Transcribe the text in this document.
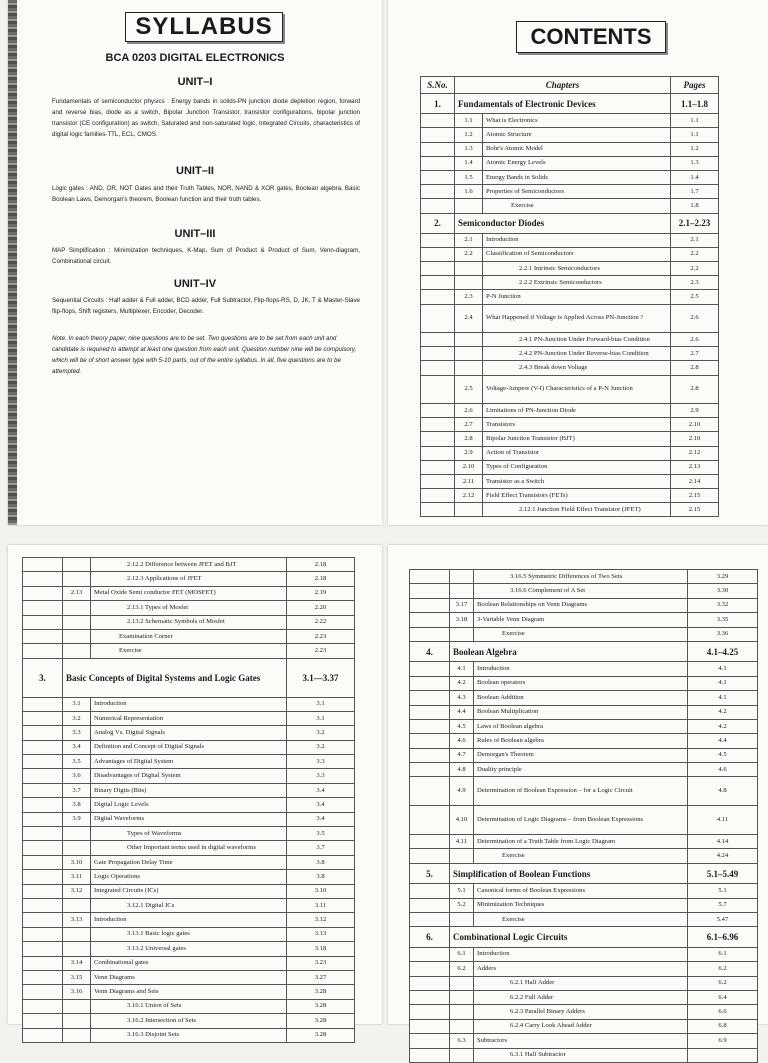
SYLLABUS
BCA 0203 DIGITAL ELECTRONICS
UNIT–I
Fundamentals of semiconductor physics : Energy bands in solids-PN junction diode depletion region, forward and reverse bias, diode as a switch, Bipolar Junction Transistor, transistor configurations, bipolar junction transistor (CE configuration) as switch, Saturated and non-saturated logic, Integrated Circuits, characteristics of digital logic families-TTL, ECL, CMOS.
UNIT–II
Logic gates : AND, OR, NOT Gates and their Truth Tables, NOR, NAND & XOR gates, Boolean algebra, Basic Boolean Laws, Demorgan's theorem, Boolean function and their truth tables.
UNIT–III
MAP Simplification : Minimization techniques, K-Map, Sum of Product & Product of Sum, Venn-diagram, Combinational circuit.
UNIT–IV
Sequential Circuits : Half adder & Full adder, BCD adder, Full Subtractor, Flip-flops-RS, D, JK, T & Master-Slave flip-flops, Shift registers, Multiplexer, Encoder, Decoder.
Note. In each theory paper, nine questions are to be set. Two questions are to be set from each unit and candidate is required to attempt at least one question from each unit. Question number nine will be compulsory, which will be of short answer type with 5-10 parts, out of the entire syllabus. In all, five questions are to be attempted.
CONTENTS
S.No.	Chapters		Pages
1.	Fundamentals of Electronic Devices		1.1–1.8
	1.1	What is Electronics	1.1
	1.2	Atomic Structure	1.1
	1.3	Bohr's Atomic Model	1.2
	1.4	Atomic Energy Levels	1.3
	1.5	Energy Bands in Solids	1.4
	1.6	Properties of Semiconductors	1.7
		Exercise	1.8
2.	Semiconductor Diodes		2.1–2.23
	2.1	Introduction	2.1
	2.2	Classification of Semiconductors	2.2
		2.2.1 Intrinsic Semiconductors	2.2
		2.2.2 Extrinsic Semiconductors	2.3
	2.3	P-N Junction	2.5
	2.4	What Happened if Voltage is Applied Across PN-Junction ?	2.6
		2.4.1 PN-Junction Under Forward-bias Condition	2.6
		2.4.2 PN-Junction Under Reverse-bias Condition	2.7
		2.4.3 Break down Voltage	2.8
	2.5	Voltage-Ampere (V-I) Characteristics of a P-N Junction	2.8
	2.6	Limitations of PN-Junction Diode	2.9
	2.7	Transistors	2.10
	2.8	Bipolar Junction Transistor (BJT)	2.10
	2.9	Action of Transistor	2.12
	2.10	Types of Configuration	2.13
	2.11	Transistor as a Switch	2.14
	2.12	Field Effect Transistors (FETs)	2.15
		2.12.1 Junction Field Effect Transistor (JFET)	2.15
		2.12.2 Difference between JFET and BJT	2.18
		2.12.3 Applications of JFET	2.18
	2.13	Metal Oxide Semi conductor FET (MOSFET)	2.19
		2.13.1 Types of Mosfet	2.20
		2.13.2 Schematic Symbols of Mosfet	2.22
		Examination Corner	2.23
		Exercise	2.23
3.	Basic Concepts of Digital Systems and Logic Gates		3.1—3.37
	3.1	Introduction	3.1
	3.2	Numerical Representation	3.1
	3.3	Analog Vs. Digital Signals	3.2
	3.4	Definition and Concept of Digital Signals	3.2
	3.5	Advantages of Digital System	3.3
	3.6	Disadvantages of Digital System	3.3
	3.7	Binary Digits (Bits)	3.4
	3.8	Digital Logic Levels	3.4
	3.9	Digital Waveforms	3.4
		Types of Waveforms	3.5
		Other Important terms used in digital waveforms	3.7
	3.10	Gate Propagation Delay Time	3.8
	3.11	Logic Operations	3.8
	3.12	Integrated Circuits (ICs)	3.10
		3.12.1 Digital ICs	3.11
	3.13	Introduction	3.12
		3.13.1 Basic logic gates	3.13
		3.13.2 Universal gates	3.18
	3.14	Combinational gates	3.23
	3.15	Venn Diagrams	3.27
	3.16	Venn Diagrams and Sets	3.28
		3.16.1 Union of Sets	3.28
		3.16.2 Intersection of Sets	3.28
		3.16.3 Disjoint Sets	3.28
		3.16.5 Symmetric Differences of Two Sets	3.29
		3.16.6 Complement of A Set	3.30
	3.17	Boolean Relationships on Venn Diagrams	3.32
	3.18	3-Variable Venn Diagram	3.35
		Exercise	3.36
4.	Boolean Algebra		4.1–4.25
	4.1	Introduction	4.1
	4.2	Boolean operators	4.1
	4.3	Boolean Addition	4.1
	4.4	Boolean Multiplication	4.2
	4.5	Laws of Boolean algebra	4.2
	4.6	Rules of Boolean algebra	4.4
	4.7	Demorgan's Theorem	4.5
	4.8	Duality principle	4.6
	4.9	Determination of Boolean Expression – for a Logic Circuit	4.8
	4.10	Determination of Logic Diagrams – from Boolean Expressions	4.11
	4.11	Determination of a Truth Table from Logic Diagram	4.14
		Exercise	4.24
5.	Simplification of Boolean Functions		5.1–5.49
	5.1	Canonical forms of Boolean Expressions	5.1
	5.2	Minimization Techniques	5.7
		Exercise	5.47
6.	Combinational Logic Circuits		6.1–6.96
	6.1	Introduction	6.1
	6.2	Adders	6.2
		6.2.1 Half Adder	6.2
		6.2.2 Full Adder	6.4
		6.2.3 Parallel Binary Adders	6.6
		6.2.4 Carry Look Ahead Adder	6.8
	6.3	Subtractors	6.9
		6.3.1 Half Subtractor	
